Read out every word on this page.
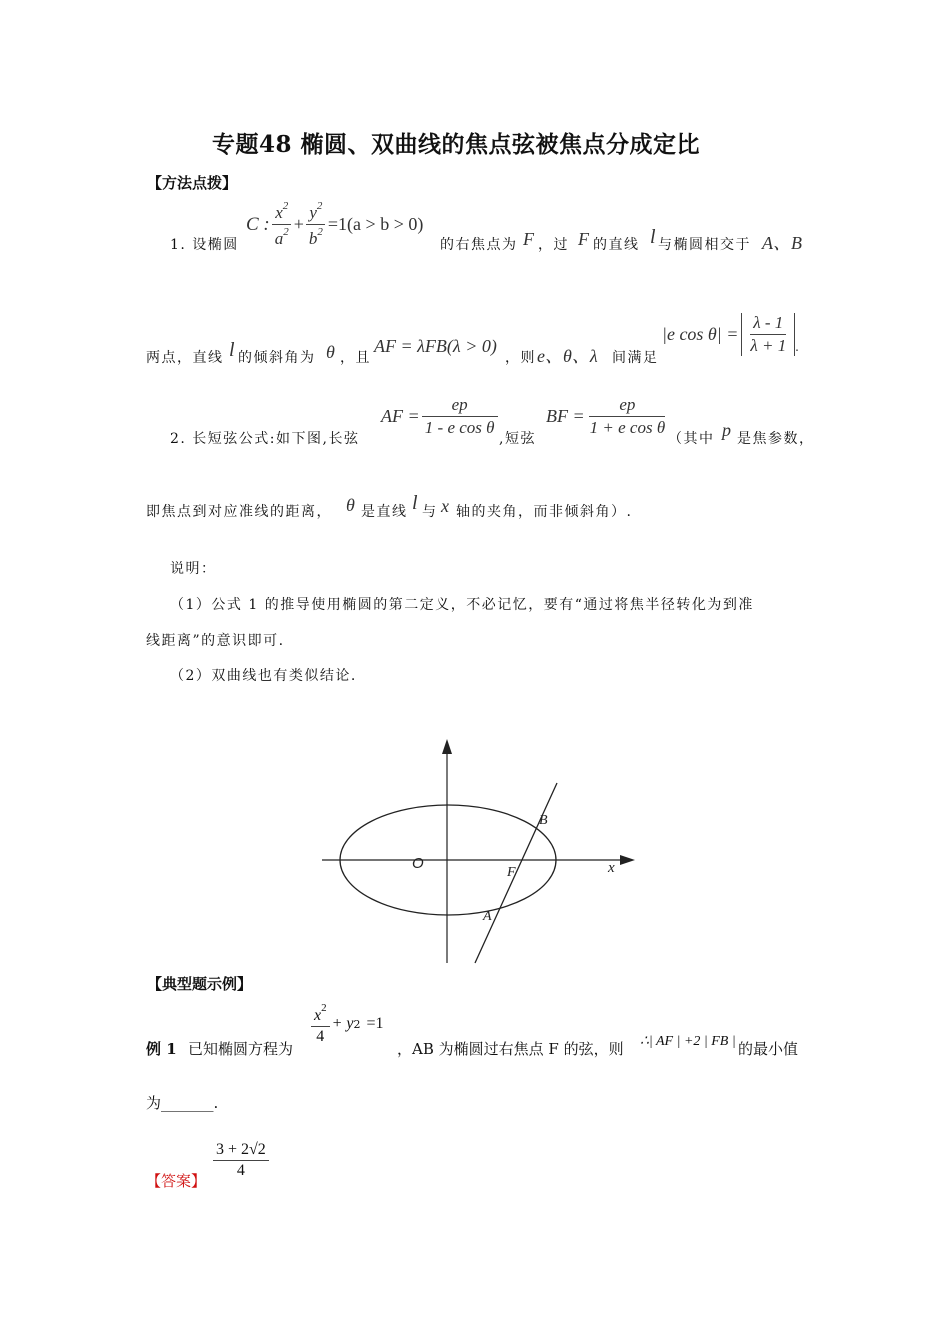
专题48 椭圆、双曲线的焦点弦被焦点分成定比
【方法点拨】
1. 设椭圆
C : $\frac{x^2}{a^2} + \frac{y^2}{b^2} =1(a > b > 0)$
的右焦点为 F ，过 F 的直线 l 与椭圆相交于 A、B
两点，直线 l 的倾斜角为 θ ，且
AF = λFB(λ > 0)
，则 e、θ、λ 间满足
|e $\cos \theta| = \frac{\lambda - 1}{\lambda + 1}$ .
2. 长短弦公式:如下图,长弦
AF = $\frac{ep}{\text{1 - e cos θ}}$
,短弦
BF = $\frac{ep}{\text{1 + e cos θ}}$
（其中 p 是焦参数，
即焦点到对应准线的距离， θ 是直线 l 与 x 轴的夹角，而非倾斜角）.
说明：
（1）公式 1 的推导使用椭圆的第二定义，不必记忆，要有“通过将焦半径转化为到准
线距离”的意识即可.
（2）双曲线也有类似结论.
O	x
F
A
B
【典型题示例】
例 1 已知椭圆方程为
$\frac{x^2}{4} + y$ 2 =1
，AB 为椭圆过右焦点 F 的弦，则 ∴| AF | +2 | FB | 的最小值
为_______.
【答案】
$\frac{3 + 2√2}{4}$
